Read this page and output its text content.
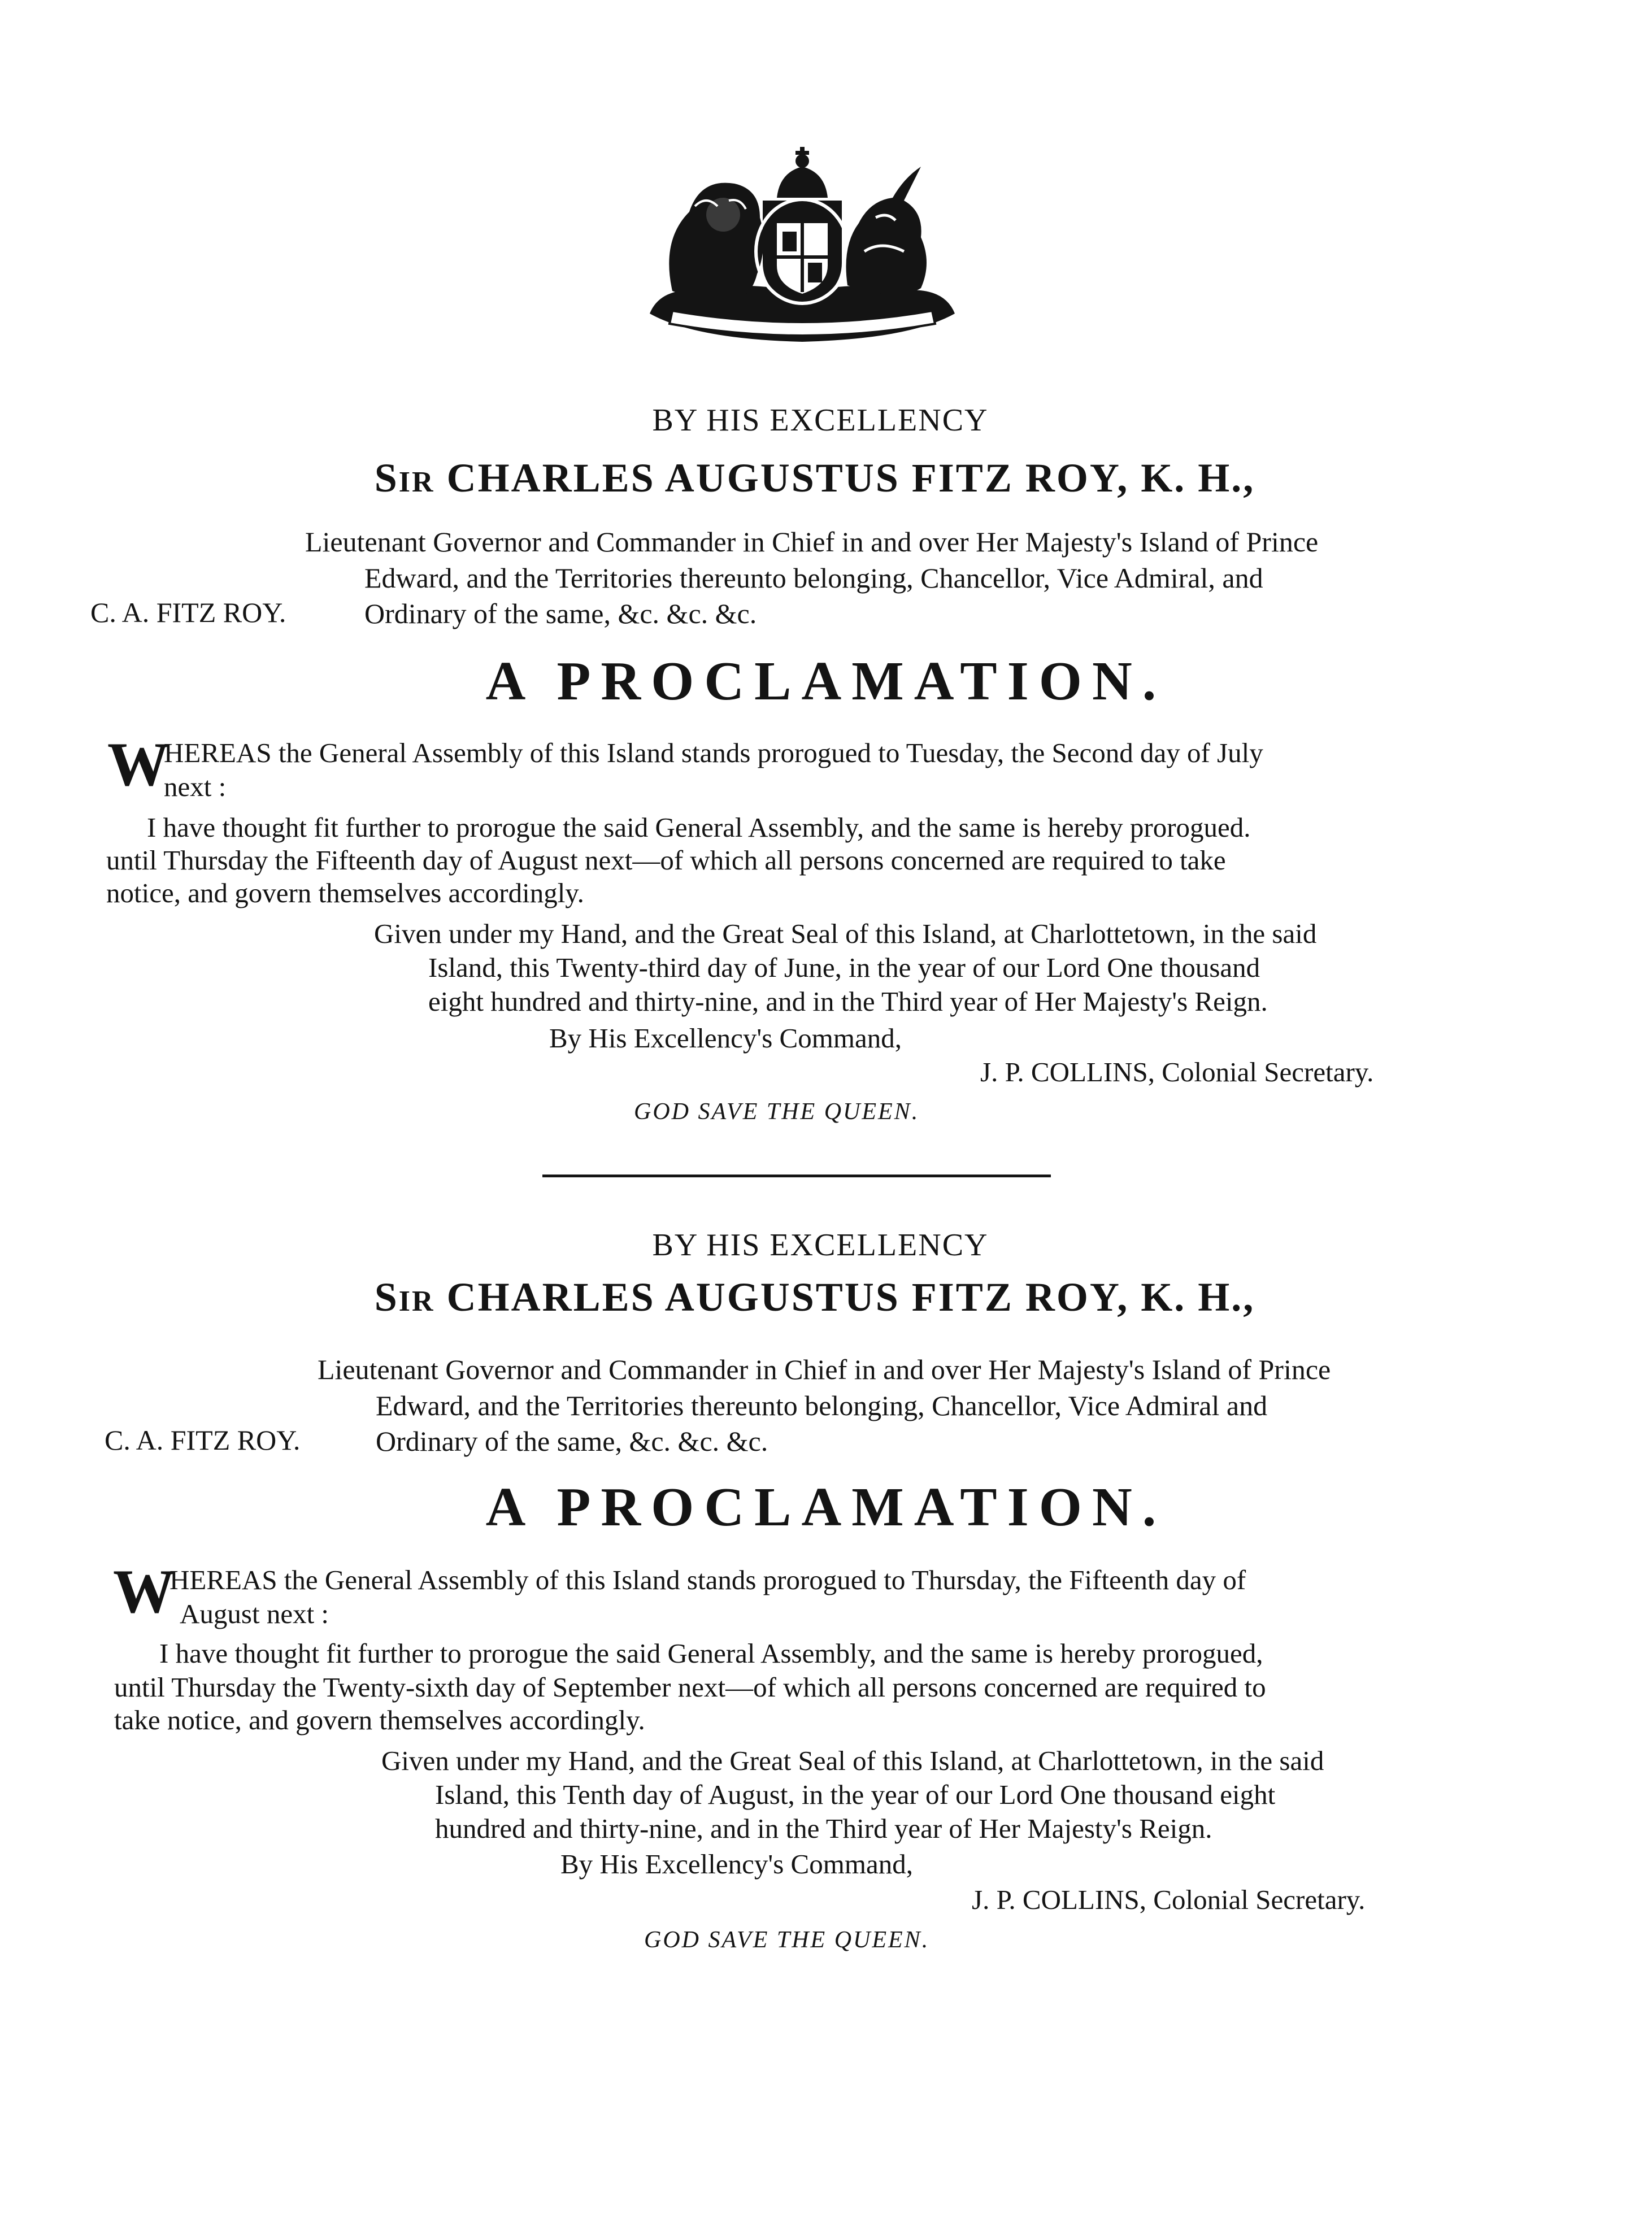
BY HIS EXCELLENCY
SIR CHARLES AUGUSTUS FITZ ROY, K. H.,
Lieutenant Governor and Commander in Chief in and over Her Majesty's Island of Prince
Edward, and the Territories thereunto belonging, Chancellor, Vice Admiral, and
C. A. FITZ ROY.	Ordinary of the same, &c. &c. &c.
A PROCLAMATION.
W
HEREAS the General Assembly of this Island stands prorogued to Tuesday, the Second day of July
next :
I have thought fit further to prorogue the said General Assembly, and the same is hereby prorogued.
until Thursday the Fifteenth day of August next—of which all persons concerned are required to take
notice, and govern themselves accordingly.
Given under my Hand, and the Great Seal of this Island, at Charlottetown, in the said
Island, this Twenty-third day of June, in the year of our Lord One thousand
eight hundred and thirty-nine, and in the Third year of Her Majesty's Reign.
By His Excellency's Command,
J. P. COLLINS, Colonial Secretary.
GOD SAVE THE QUEEN.
BY HIS EXCELLENCY
SIR CHARLES AUGUSTUS FITZ ROY, K. H.,
Lieutenant Governor and Commander in Chief in and over Her Majesty's Island of Prince
Edward, and the Territories thereunto belonging, Chancellor, Vice Admiral and
C. A. FITZ ROY.	Ordinary of the same, &c. &c. &c.
A PROCLAMATION.
W
HEREAS the General Assembly of this Island stands prorogued to Thursday, the Fifteenth day of
August next :
I have thought fit further to prorogue the said General Assembly, and the same is hereby prorogued,
until Thursday the Twenty-sixth day of September next—of which all persons concerned are required to
take notice, and govern themselves accordingly.
Given under my Hand, and the Great Seal of this Island, at Charlottetown, in the said
Island, this Tenth day of August, in the year of our Lord One thousand eight
hundred and thirty-nine, and in the Third year of Her Majesty's Reign.
By His Excellency's Command,
J. P. COLLINS, Colonial Secretary.
GOD SAVE THE QUEEN.
